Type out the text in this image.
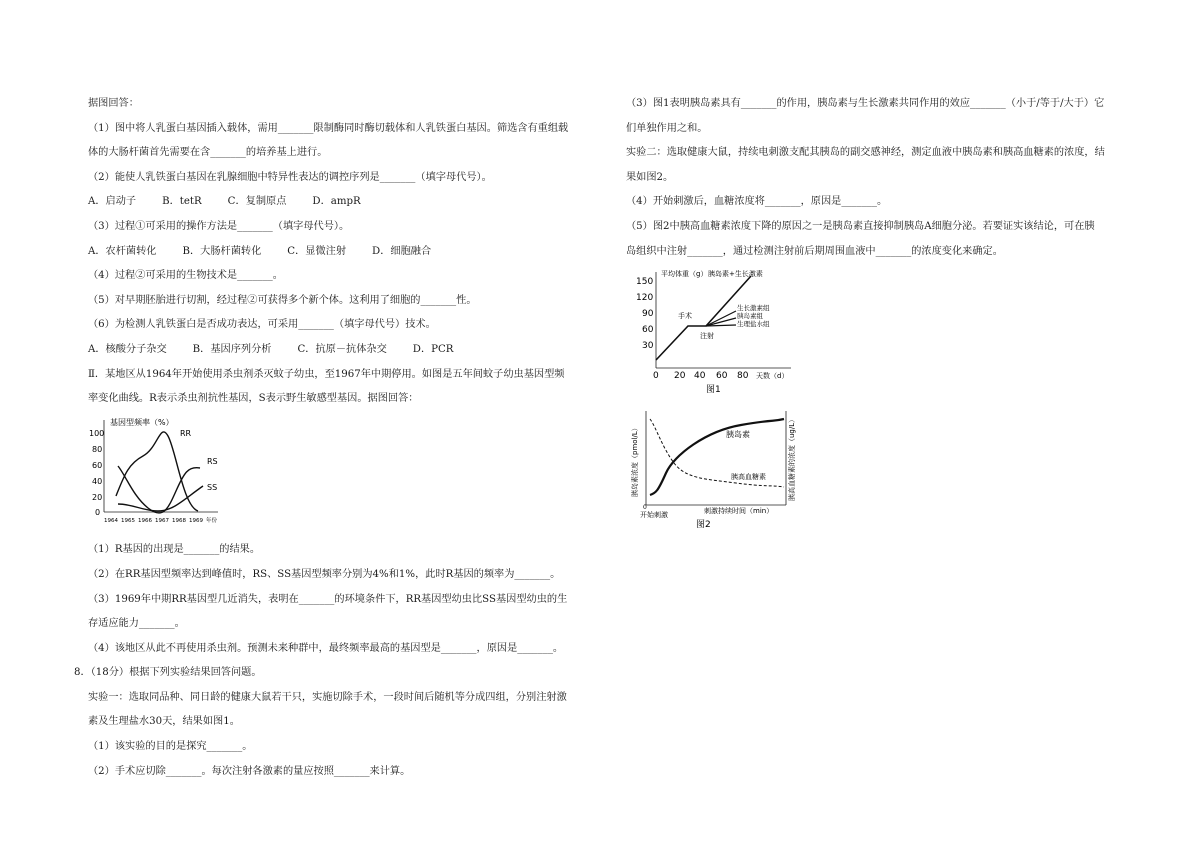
据图回答：
（1）图中将人乳蛋白基因插入载体，需用_______限制酶同时酶切载体和人乳铁蛋白基因。筛选含有重组载
体的大肠杆菌首先需要在含_______的培养基上进行。
（2）能使人乳铁蛋白基因在乳腺细胞中特异性表达的调控序列是_______（填字母代号）。
A．启动子	B．tetR	C．复制原点	D．ampR
（3）过程①可采用的操作方法是_______（填字母代号）。
A．农杆菌转化	B．大肠杆菌转化	C．显微注射	D．细胞融合
（4）过程②可采用的生物技术是_______。
（5）对早期胚胎进行切割，经过程②可获得多个新个体。这利用了细胞的_______性。
（6）为检测人乳铁蛋白是否成功表达，可采用_______（填字母代号）技术。
A．核酸分子杂交	B．基因序列分析	C．抗原－抗体杂交	D．PCR
Ⅱ．某地区从1964年开始使用杀虫剂杀灭蚊子幼虫，至1967年中期停用。如图是五年间蚊子幼虫基因型频
率变化曲线。R表示杀虫剂抗性基因，S表示野生敏感型基因。据图回答：
基因型频率（%）
100
80
60
40
20
0
1964 1965 1966 1967 1968 1969 年份
RR
RS
SS
（1）R基因的出现是_______的结果。
（2）在RR基因型频率达到峰值时，RS、SS基因型频率分别为4%和1%，此时R基因的频率为_______。
（3）1969年中期RR基因型几近消失，表明在_______的环境条件下，RR基因型幼虫比SS基因型幼虫的生
存适应能力_______。
（4）该地区从此不再使用杀虫剂。预测未来种群中，最终频率最高的基因型是_______，原因是_______。
8．（18分）根据下列实验结果回答问题。
实验一：选取同品种、同日龄的健康大鼠若干只，实施切除手术，一段时间后随机等分成四组，分别注射激
素及生理盐水30天，结果如图1。
（1）该实验的目的是探究_______。
（2）手术应切除_______。每次注射各激素的量应按照_______来计算。
（3）图1表明胰岛素具有_______的作用，胰岛素与生长激素共同作用的效应_______（小于/等于/大于）它
们单独作用之和。
实验二：选取健康大鼠，持续电刺激支配其胰岛的副交感神经，测定血液中胰岛素和胰高血糖素的浓度，结
果如图2。
（4）开始刺激后，血糖浓度将_______，原因是_______。
（5）图2中胰高血糖素浓度下降的原因之一是胰岛素直接抑制胰岛A细胞分泌。若要证实该结论，可在胰
岛组织中注射_______，通过检测注射前后期周围血液中_______的浓度变化来确定。
平均体重（g）
150
120
90
60
30
0 20 40 60 80 天数（d）
胰岛素+生长激素
生长激素组
胰岛素组
生理盐水组
手术
注射
图1
胰岛素浓度（pmol/L）	胰高血糖素的浓度（ug/L）
胰岛素
胰高血糖素
0
开始刺激	刺激持续时间（min）
图2
